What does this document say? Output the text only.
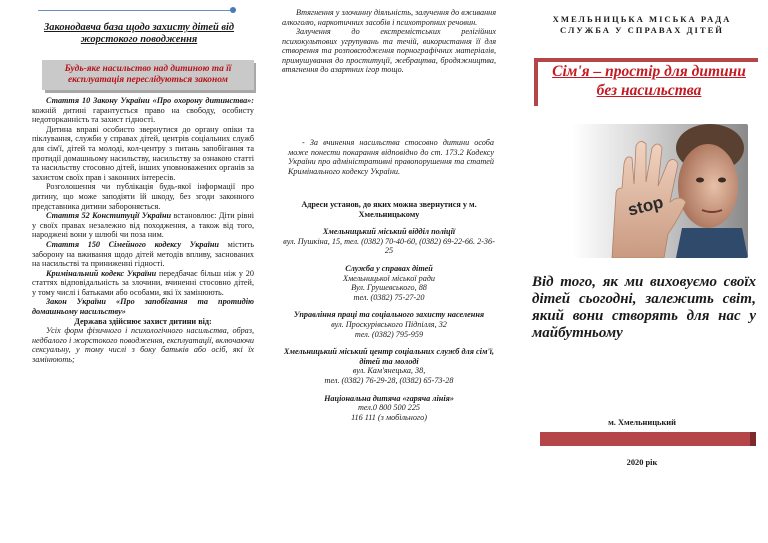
Законодавча база щодо захисту дітей від жорстокого поводження
Будь-яке насильство над дитиною та її експлуатація переслідуються законом

Стаття 10 Закону України «Про охорону дитинства»: кожній дитині гарантується право на свободу, особисту недоторканність та захист гідності.

Дитина вправі особисто звернутися до органу опіки та піклування, служби у справах дітей, центрів соціальних служб для сім'ї, дітей та молоді, кол-центру з питань запобігання та протидії домашньому насильству, насильству за ознакою статті та насильству стосовно дітей, інших уповноважених органів за захистом своїх прав і законних інтересів.

Розголошення чи публікація будь-якої інформації про дитину, що може заподіяти їй шкоду, без згоди законного представника дитини забороняється.

Стаття 52 Конституції України встановлює: Діти рівні у своїх правах незалежно від походження, а також від того, народжені вони у шлюбі чи поза ним.

Стаття 150 Сімейного кодексу України містить заборону на вживання щодо дітей методів впливу, заснованих на насильстві та приниженні гідності.

Кримінальний кодекс України передбачає більш ніж у 20 статтях відповідальність за злочини, вчиненні стосовно дітей, у тому числі і батьками або особами, які їх замінюють.

Закон України «Про запобігання та протидію домашньому насильству»

Держава здійснює захист дитини від:

Усіх форм фізичного і психологічного насильства, образ, недбалого і жорстокого поводження, експлуатації, включаючи сексуальну, у тому числі з боку батьків або осіб, які їх замінюють;

Втягнення у злочинну діяльність, залучення до вживання алкоголю, наркотичних засобів і психотропних речовин.

Залучення до екстремістських релігійних психокультових угрупувань та течій, використання її для створення та розповсюдження порнографічних матеріалів, примушування до проституції, жебрацтва, бродяжництва, втягнення до азартних ігор тощо.

- За вчинення насильства стосовно дитини особа може понести покарання відповідно до ст. 173.2 Кодексу України про адміністративні правопорушення та статей Кримінального кодексу України.

Адреси установ, до яких можна звернутися у м. Хмельницькому

Хмельницький міський відділ поліції

вул. Пушкіна, 15, тел. (0382) 70-40-60, (0382) 69-22-66. 2-36-25

Служба у справах дітей

Хмельницької міської ради

Вул. Грушевського, 88

тел. (0382) 75-27-20

Управління праці та соціального захисту населення

вул. Проскурівського Підпілля, 32

тел. (0382) 795-959

Хмельницький міський центр соціальних служб для сім'ї, дітей та молоді

вул. Кам'янецька, 38,

тел. (0382) 76-29-28, (0382) 65-73-28

Національна дитяча «гаряча лінія»

тел.0 800 500 225

116 111 (з мобільного)

ХМЕЛЬНИЦЬКА МІСЬКА РАДА
СЛУЖБА У СПРАВАХ ДІТЕЙ
Сім'я – простір для дитини без насильства
stop
Від того, як ми виховуємо своїх дітей сьогодні, залежить світ, який вони створять для нас у майбутньому
м. Хмельницький
2020 рік
